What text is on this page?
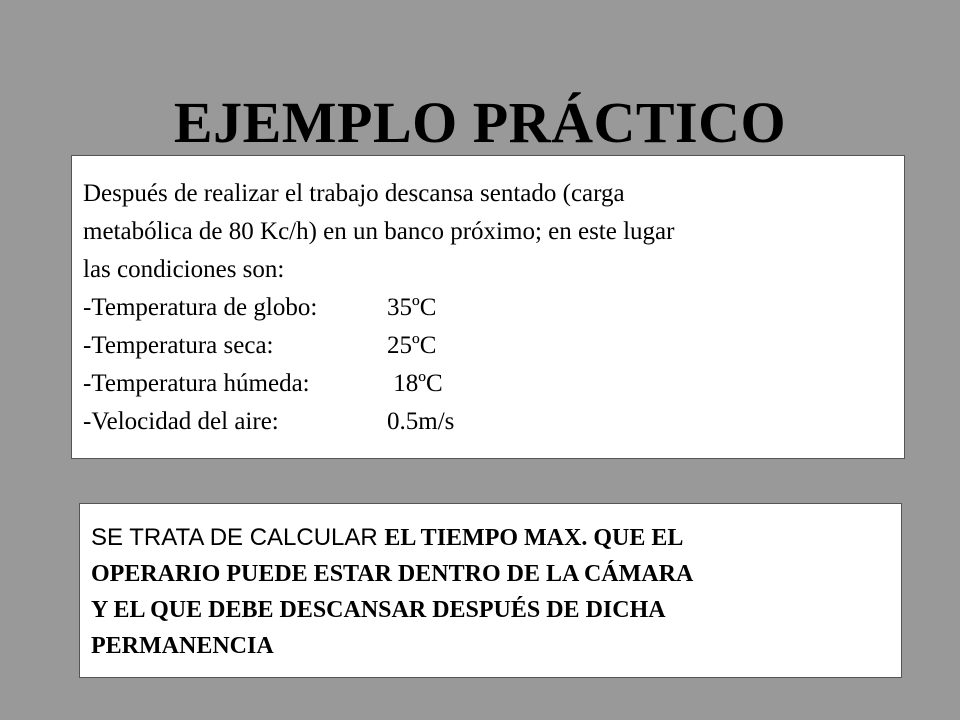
EJEMPLO PRÁCTICO
Después de realizar el trabajo descansa sentado (carga
metabólica de 80 Kc/h) en un banco próximo; en este lugar
las condiciones son:
-Temperatura de globo:	35ºC
-Temperatura seca:	25ºC
-Temperatura húmeda:	18ºC
-Velocidad del aire:	0.5m/s
SE TRATA DE CALCULAR EL TIEMPO MAX. QUE EL
OPERARIO PUEDE ESTAR DENTRO DE LA CÁMARA
Y EL QUE DEBE DESCANSAR DESPUÉS DE DICHA
PERMANENCIA
